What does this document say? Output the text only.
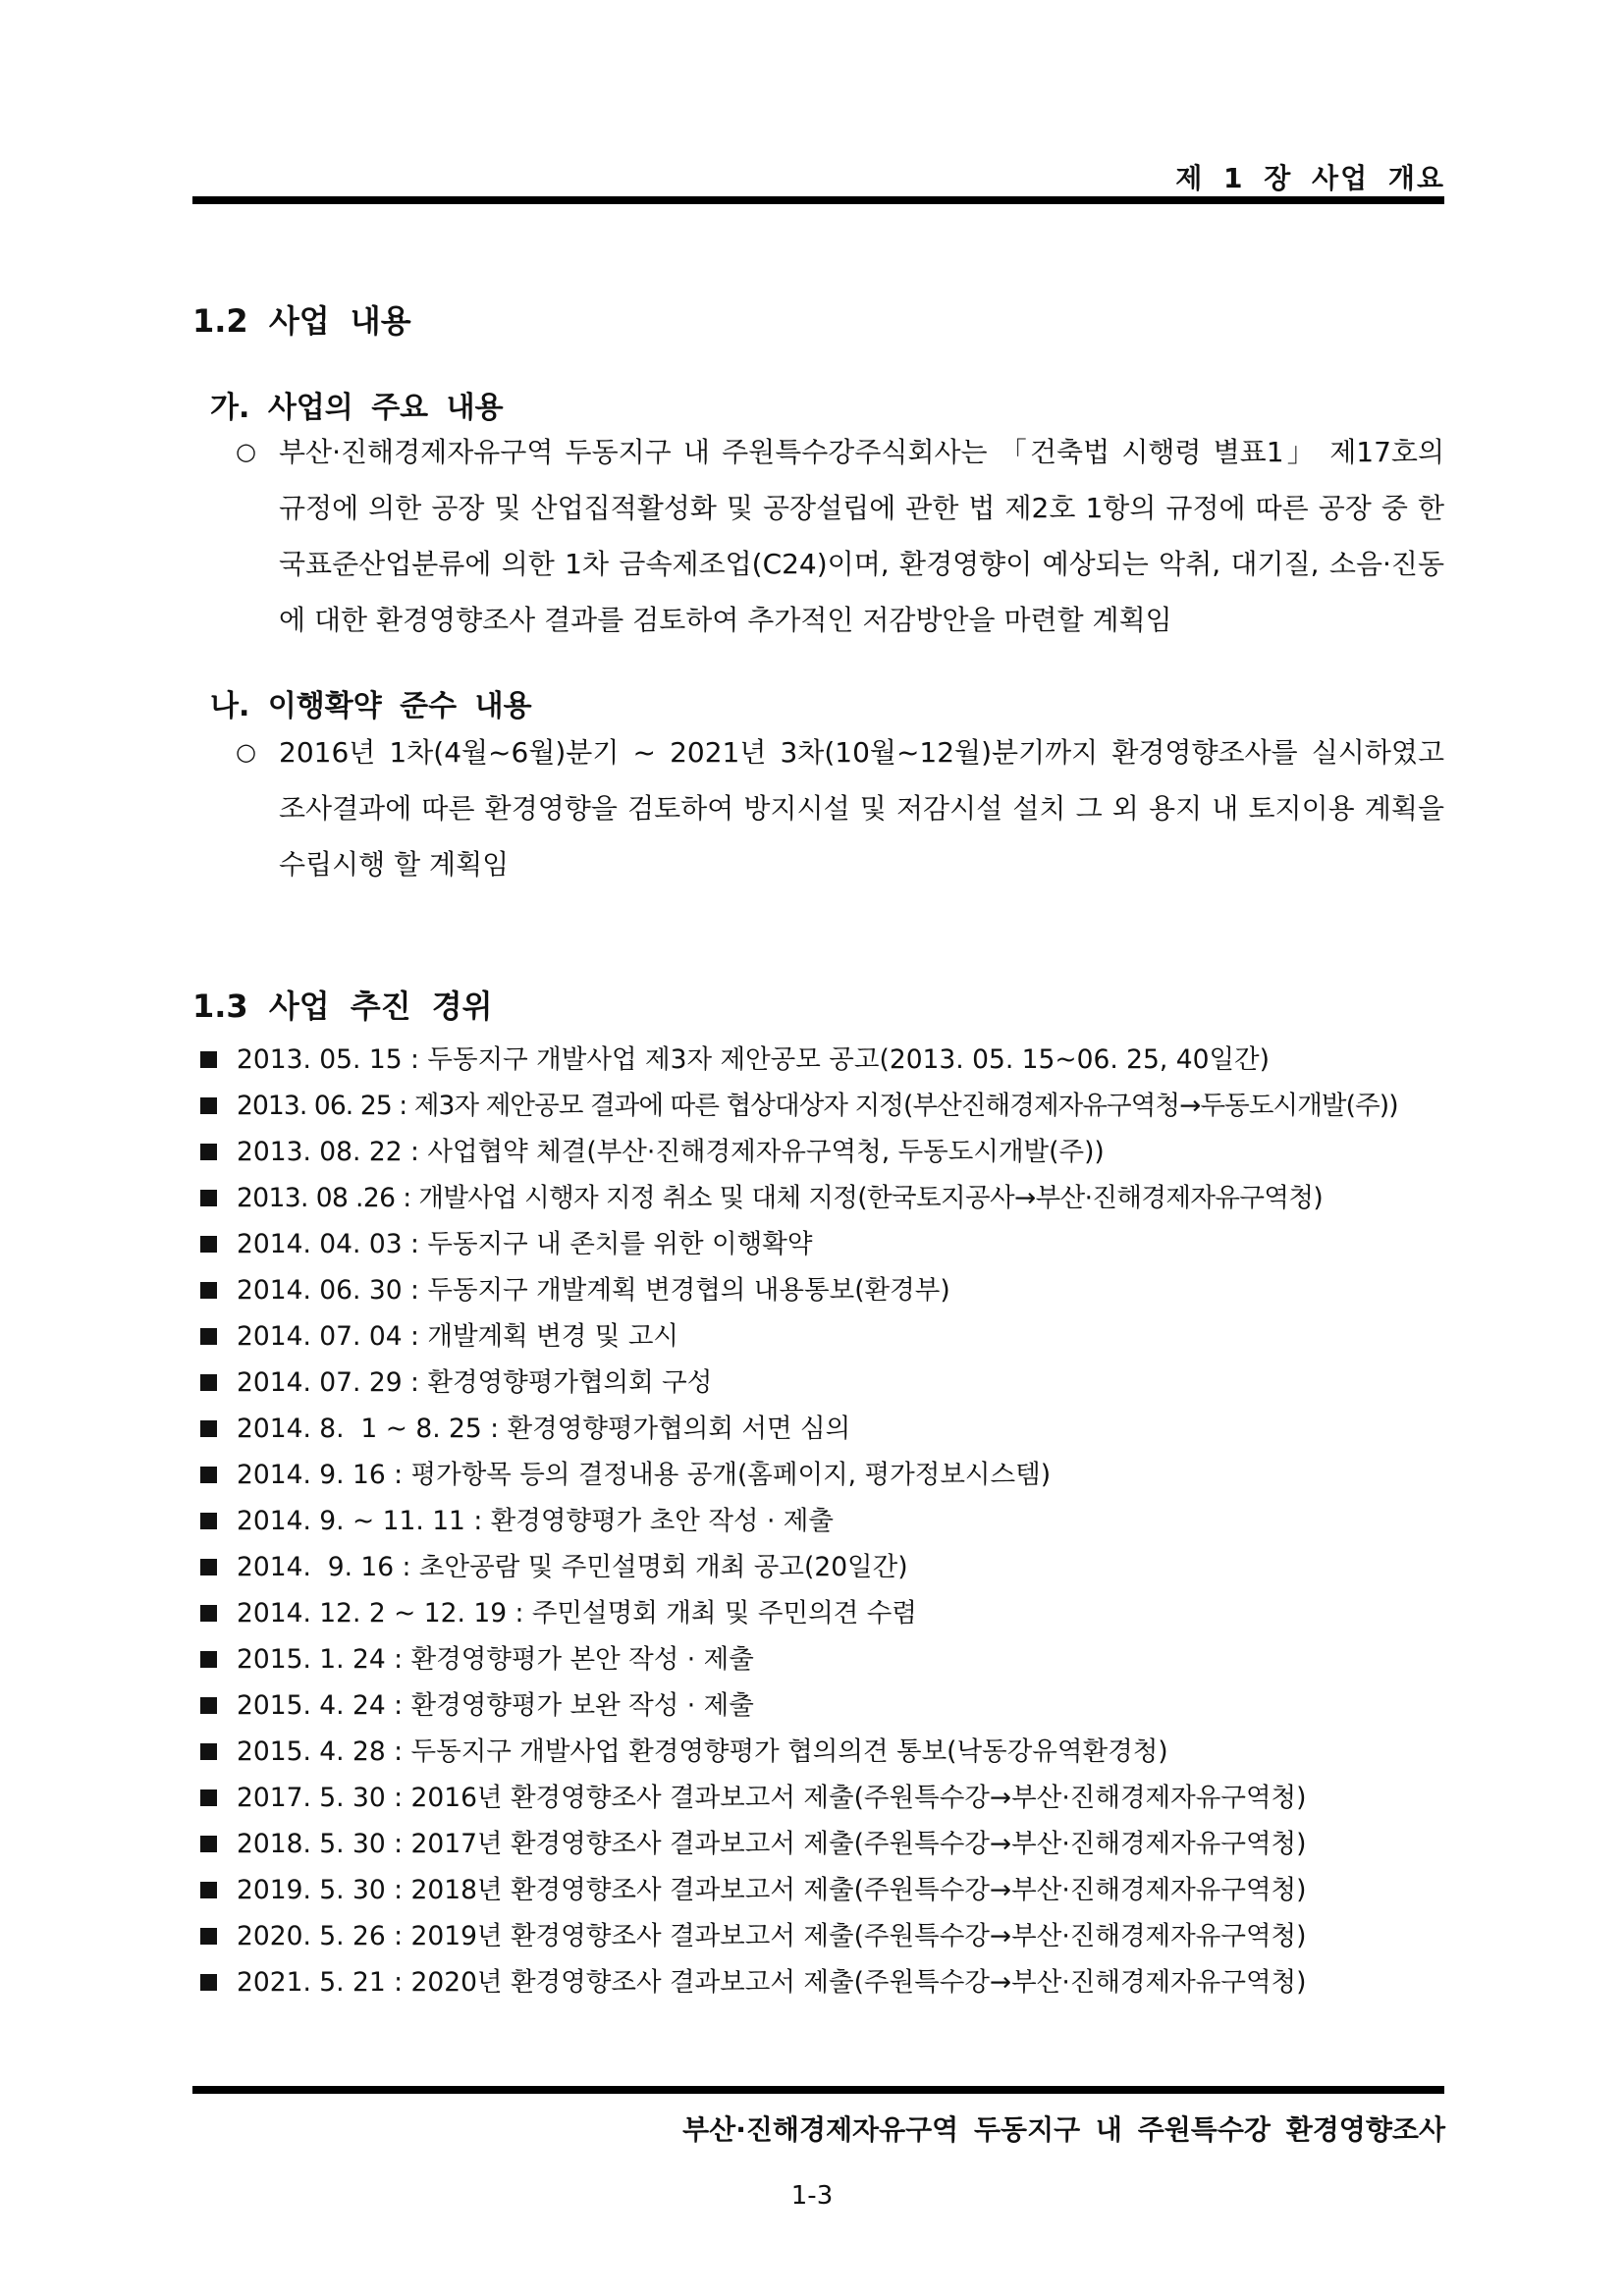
제 1 장 사업 개요
1.2 사업 내용
가. 사업의 주요 내용
○ 부산·진해경제자유구역 두동지구 내 주원특수강주식회사는 「건축법 시행령 별표1」 제17호의 규정에 의한 공장 및 산업집적활성화 및 공장설립에 관한 법 제2호 1항의 규정에 따른 공장 중 한국표준산업분류에 의한 1차 금속제조업(C24)이며, 환경영향이 예상되는 악취, 대기질, 소음·진동에 대한 환경영향조사 결과를 검토하여 추가적인 저감방안을 마련할 계획임
나. 이행확약 준수 내용
○ 2016년 1차(4월~6월)분기 ~ 2021년 3차(10월~12월)분기까지 환경영향조사를 실시하였고 조사결과에 따른 환경영향을 검토하여 방지시설 및 저감시설 설치 그 외 용지 내 토지이용 계획을 수립시행 할 계획임
1.3 사업 추진 경위
2013. 05. 15 : 두동지구 개발사업 제3자 제안공모 공고(2013. 05. 15~06. 25, 40일간)
2013. 06. 25 : 제3자 제안공모 결과에 따른 협상대상자 지정(부산진해경제자유구역청→두동도시개발(주))
2013. 08. 22 : 사업협약 체결(부산·진해경제자유구역청, 두동도시개발(주))
2013. 08 .26 : 개발사업 시행자 지정 취소 및 대체 지정(한국토지공사→부산·진해경제자유구역청)
2014. 04. 03 : 두동지구 내 존치를 위한 이행확약
2014. 06. 30 : 두동지구 개발계획 변경협의 내용통보(환경부)
2014. 07. 04 : 개발계획 변경 및 고시
2014. 07. 29 : 환경영향평가협의회 구성
2014. 8.  1 ~ 8. 25 : 환경영향평가협의회 서면 심의
2014. 9. 16 : 평가항목 등의 결정내용 공개(홈페이지, 평가정보시스템)
2014. 9. ~ 11. 11 : 환경영향평가 초안 작성 · 제출
2014.  9. 16 : 초안공람 및 주민설명회 개최 공고(20일간)
2014. 12. 2 ~ 12. 19 : 주민설명회 개최 및 주민의견 수렴
2015. 1. 24 : 환경영향평가 본안 작성 · 제출
2015. 4. 24 : 환경영향평가 보완 작성 · 제출
2015. 4. 28 : 두동지구 개발사업 환경영향평가 협의의견 통보(낙동강유역환경청)
2017. 5. 30 : 2016년 환경영향조사 결과보고서 제출(주원특수강→부산·진해경제자유구역청)
2018. 5. 30 : 2017년 환경영향조사 결과보고서 제출(주원특수강→부산·진해경제자유구역청)
2019. 5. 30 : 2018년 환경영향조사 결과보고서 제출(주원특수강→부산·진해경제자유구역청)
2020. 5. 26 : 2019년 환경영향조사 결과보고서 제출(주원특수강→부산·진해경제자유구역청)
2021. 5. 21 : 2020년 환경영향조사 결과보고서 제출(주원특수강→부산·진해경제자유구역청)
부산·진해경제자유구역 두동지구 내 주원특수강 환경영향조사
1-3
